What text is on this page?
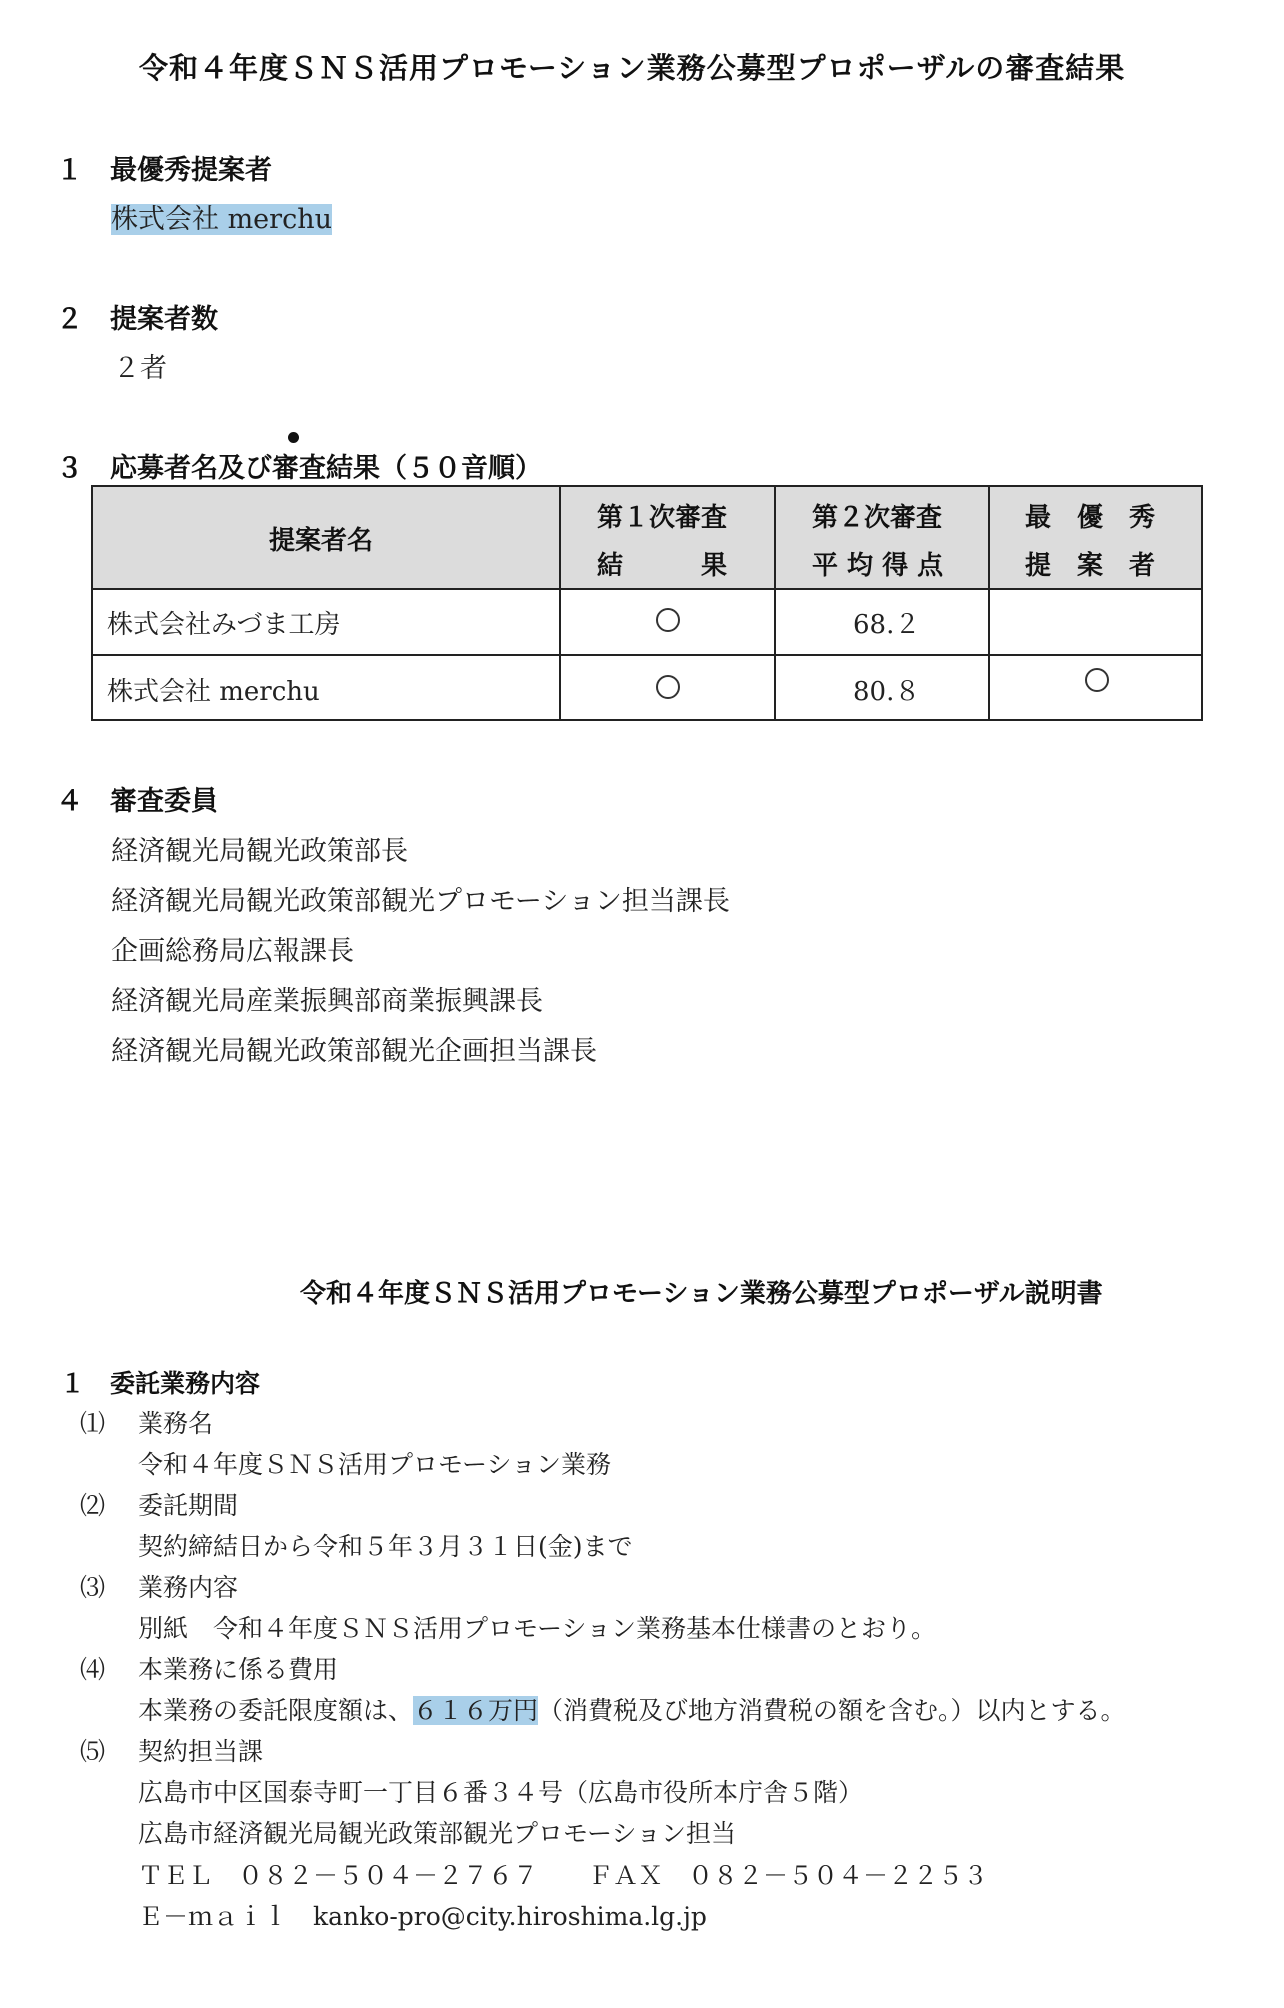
令和４年度ＳＮＳ活用プロモーション業務公募型プロポーザルの審査結果
１　最優秀提案者
株式会社 merchu
２　提案者数
２者
３　応募者名及び審査結果（５０音順）
提案者名
第１次審査
結　　　果
第２次審査
平 均 得 点
最　優　秀
提　案　者
株式会社みづま工房	68.２
株式会社 merchu	80.８
４　審査委員
経済観光局観光政策部長
経済観光局観光政策部観光プロモーション担当課長
企画総務局広報課長
経済観光局産業振興部商業振興課長
経済観光局観光政策部観光企画担当課長
令和４年度ＳＮＳ活用プロモーション業務公募型プロポーザル説明書
１　委託業務内容
⑴ 業務名
令和４年度ＳＮＳ活用プロモーション業務
⑵ 委託期間
契約締結日から令和５年３月３１日(金)まで
⑶ 業務内容
別紙　令和４年度ＳＮＳ活用プロモーション業務基本仕様書のとおり。
⑷ 本業務に係る費用
本業務の委託限度額は、６１６万円（消費税及び地方消費税の額を含む。）以内とする。
⑸ 契約担当課
広島市中区国泰寺町一丁目６番３４号（広島市役所本庁舎５階）
広島市経済観光局観光政策部観光プロモーション担当
ＴＥＬ　０８２－５０４－２７６７　　ＦＡＸ　０８２－５０４－２２５３
Ｅ－ｍａｉｌ　kanko-pro@city.hiroshima.lg.jp
